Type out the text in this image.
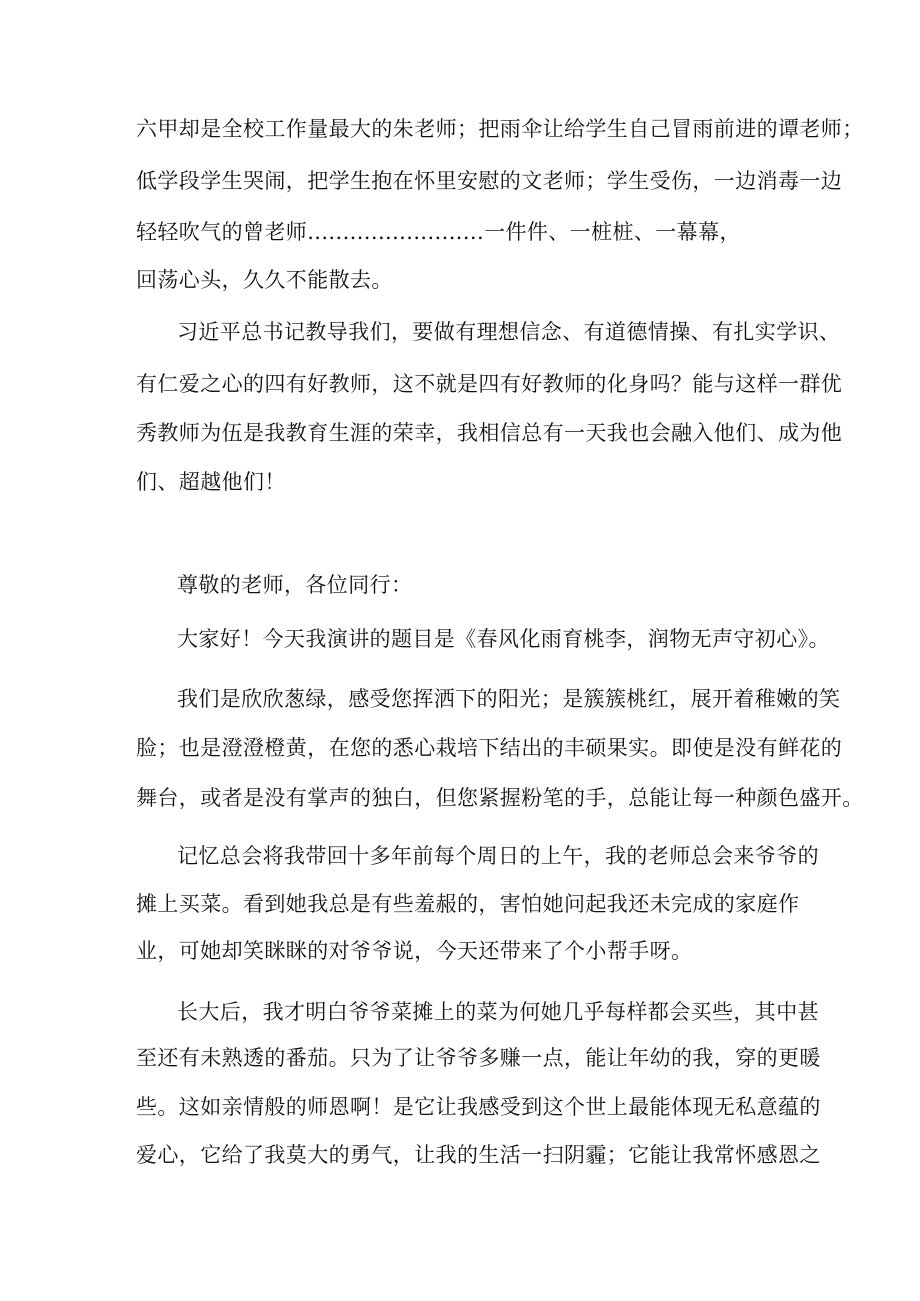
六甲却是全校工作量最大的朱老师；把雨伞让给学生自己冒雨前进的谭老师；
低学段学生哭闹，把学生抱在怀里安慰的文老师；学生受伤，一边消毒一边
轻轻吹气的曾老师.........................一件件、一桩桩、一幕幕，
回荡心头，久久不能散去。
习近平总书记教导我们，要做有理想信念、有道德情操、有扎实学识、
有仁爱之心的四有好教师，这不就是四有好教师的化身吗？能与这样一群优
秀教师为伍是我教育生涯的荣幸，我相信总有一天我也会融入他们、成为他
们、超越他们！
尊敬的老师，各位同行：
大家好！今天我演讲的题目是《春风化雨育桃李，润物无声守初心》。
我们是欣欣葱绿，感受您挥洒下的阳光；是簇簇桃红，展开着稚嫩的笑
脸；也是澄澄橙黄，在您的悉心栽培下结出的丰硕果实。即使是没有鲜花的
舞台，或者是没有掌声的独白，但您紧握粉笔的手，总能让每一种颜色盛开。
记忆总会将我带回十多年前每个周日的上午，我的老师总会来爷爷的
摊上买菜。看到她我总是有些羞赧的，害怕她问起我还未完成的家庭作
业，可她却笑眯眯的对爷爷说，今天还带来了个小帮手呀。
长大后，我才明白爷爷菜摊上的菜为何她几乎每样都会买些，其中甚
至还有未熟透的番茄。只为了让爷爷多赚一点，能让年幼的我，穿的更暖
些。这如亲情般的师恩啊！是它让我感受到这个世上最能体现无私意蕴的
爱心，它给了我莫大的勇气，让我的生活一扫阴霾；它能让我常怀感恩之
